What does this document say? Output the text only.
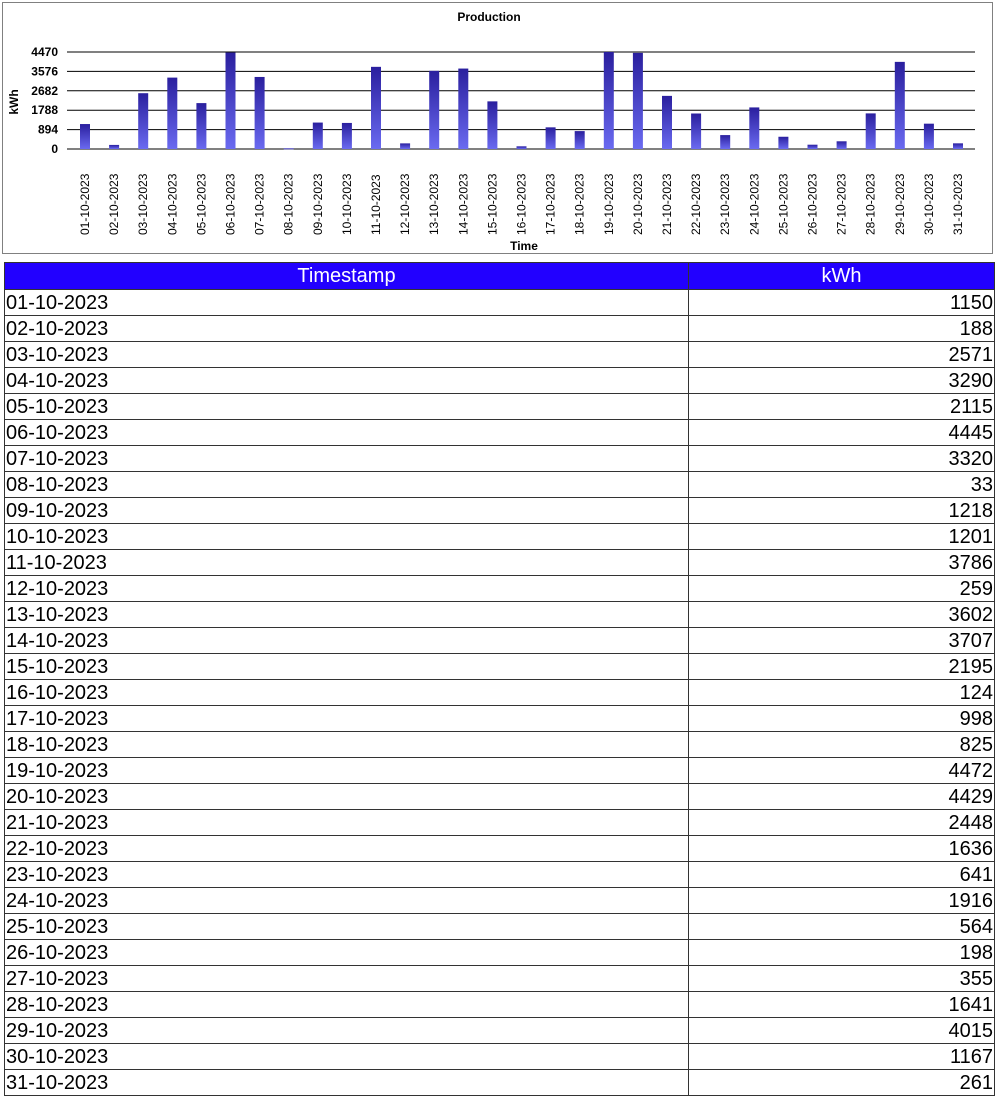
Production
kWh
Time
0
894
1788
2682
3576
4470
01-10-2023 02-10-2023 03-10-2023 04-10-2023 05-10-2023 06-10-2023 07-10-2023 08-10-2023 09-10-2023 10-10-2023 11-10-2023 12-10-2023 13-10-2023 14-10-2023 15-10-2023 16-10-2023 17-10-2023 18-10-2023 19-10-2023 20-10-2023 21-10-2023 22-10-2023 23-10-2023 24-10-2023 25-10-2023 26-10-2023 27-10-2023 28-10-2023 29-10-2023 30-10-2023 31-10-2023
Timestamp	kWh
01-10-2023	1150
02-10-2023	188
03-10-2023	2571
04-10-2023	3290
05-10-2023	2115
06-10-2023	4445
07-10-2023	3320
08-10-2023	33
09-10-2023	1218
10-10-2023	1201
11-10-2023	3786
12-10-2023	259
13-10-2023	3602
14-10-2023	3707
15-10-2023	2195
16-10-2023	124
17-10-2023	998
18-10-2023	825
19-10-2023	4472
20-10-2023	4429
21-10-2023	2448
22-10-2023	1636
23-10-2023	641
24-10-2023	1916
25-10-2023	564
26-10-2023	198
27-10-2023	355
28-10-2023	1641
29-10-2023	4015
30-10-2023	1167
31-10-2023	261
